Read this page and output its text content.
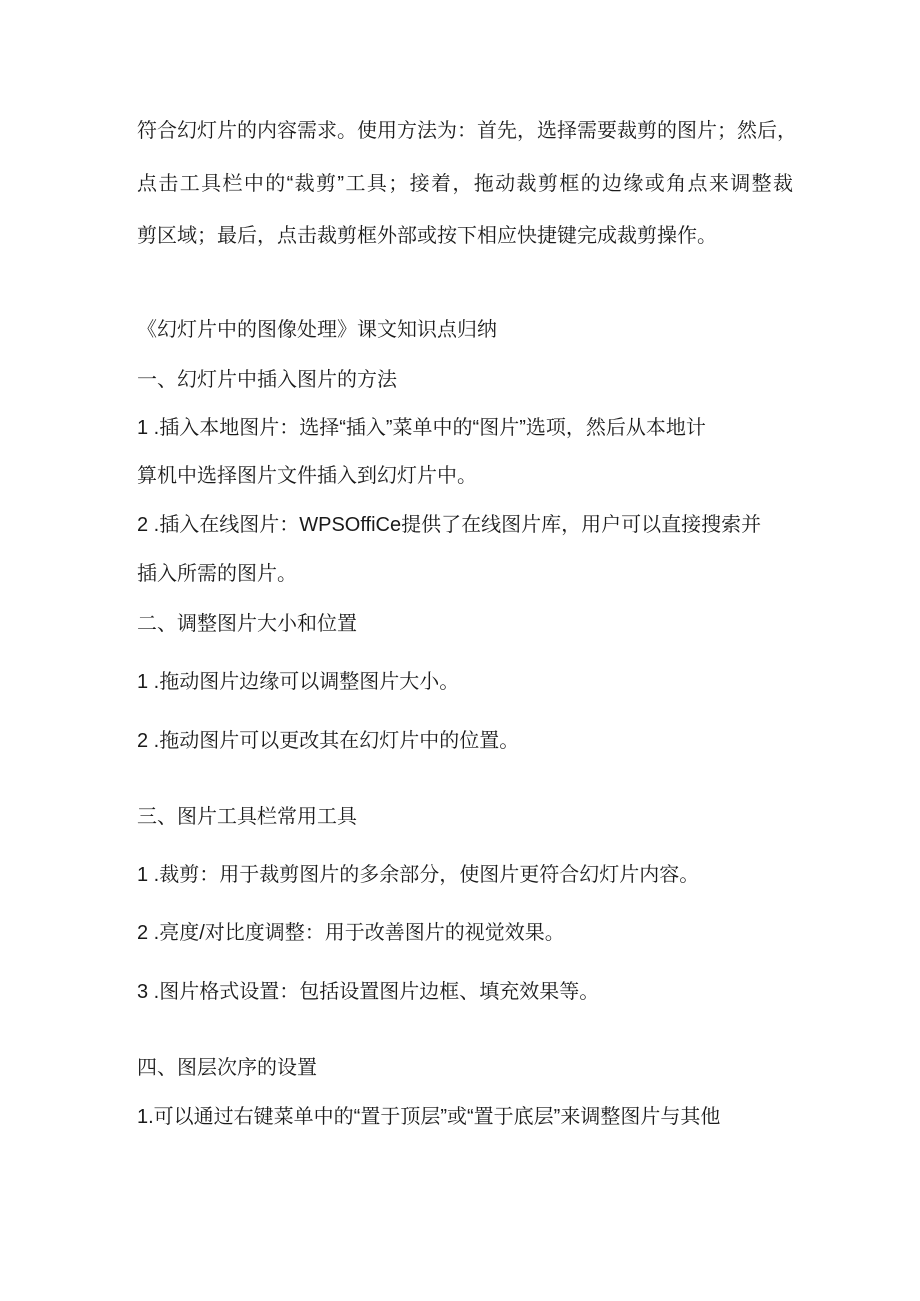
符合幻灯片的内容需求。使用方法为：首先，选择需要裁剪的图片；然后，
点击工具栏中的“裁剪”工具；接着，拖动裁剪框的边缘或角点来调整裁
剪区域；最后，点击裁剪框外部或按下相应快捷键完成裁剪操作。
《幻灯片中的图像处理》课文知识点归纳
一、幻灯片中插入图片的方法
1 .插入本地图片：选择“插入”菜单中的“图片”选项，然后从本地计
算机中选择图片文件插入到幻灯片中。
2 .插入在线图片：WPSOffiCe提供了在线图片库，用户可以直接搜索并
插入所需的图片。
二、调整图片大小和位置
1 .拖动图片边缘可以调整图片大小。
2 .拖动图片可以更改其在幻灯片中的位置。
三、图片工具栏常用工具
1 .裁剪：用于裁剪图片的多余部分，使图片更符合幻灯片内容。
2 .亮度/对比度调整：用于改善图片的视觉效果。
3 .图片格式设置：包括设置图片边框、填充效果等。
四、图层次序的设置
1.可以通过右键菜单中的“置于顶层”或“置于底层”来调整图片与其他
